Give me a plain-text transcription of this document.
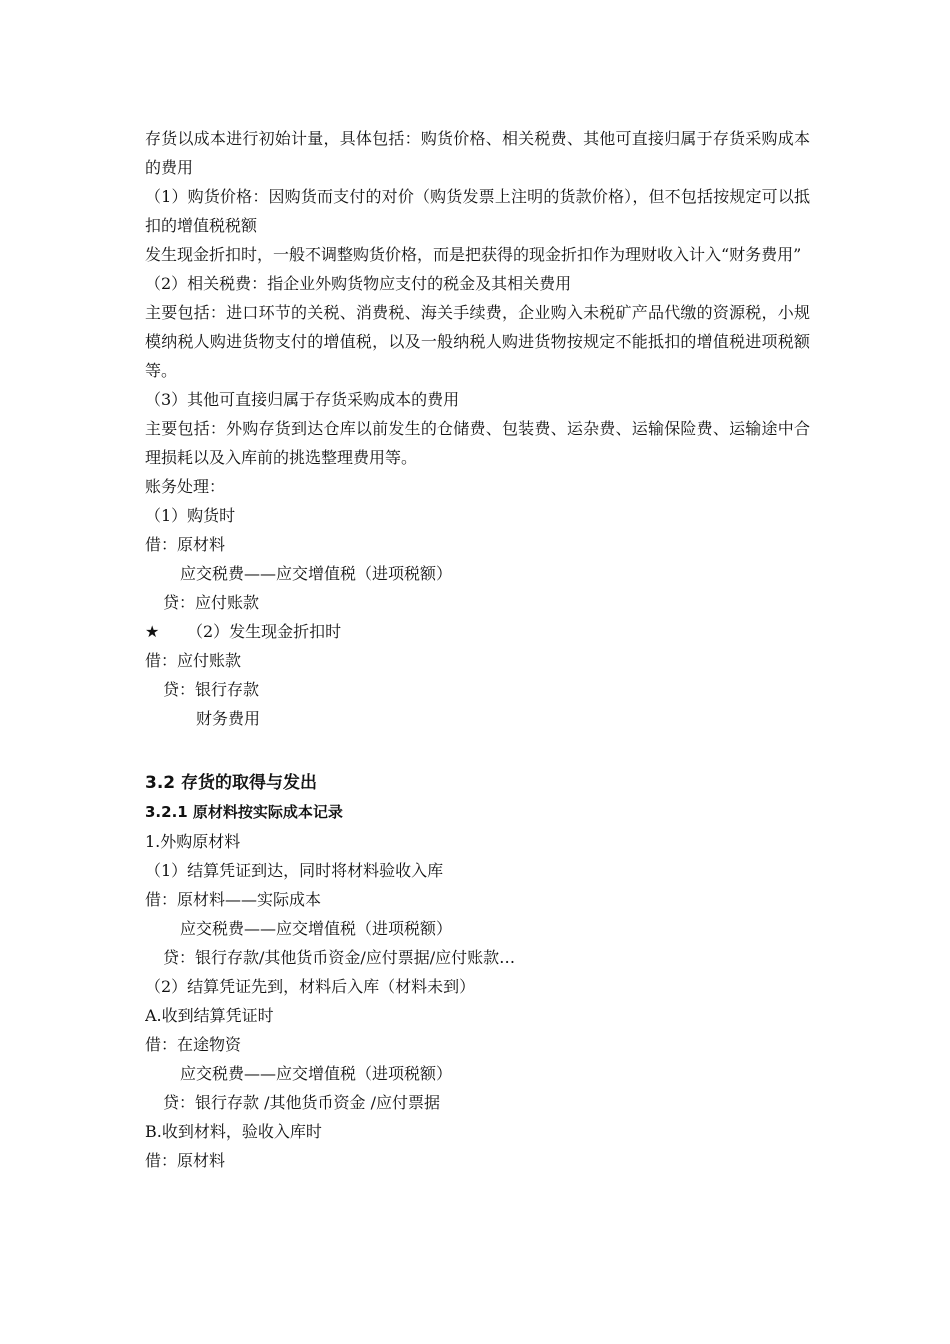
存货以成本进行初始计量，具体包括：购货价格、相关税费、其他可直接归属于存货采购成本的费用
（1）购货价格：因购货而支付的对价（购货发票上注明的货款价格），但不包括按规定可以抵扣的增值税税额
发生现金折扣时，一般不调整购货价格，而是把获得的现金折扣作为理财收入计入“财务费用”
（2）相关税费：指企业外购货物应支付的税金及其相关费用
主要包括：进口环节的关税、消费税、海关手续费，企业购入未税矿产品代缴的资源税，小规模纳税人购进货物支付的增值税，以及一般纳税人购进货物按规定不能抵扣的增值税进项税额等。
（3）其他可直接归属于存货采购成本的费用
主要包括：外购存货到达仓库以前发生的仓储费、包装费、运杂费、运输保险费、运输途中合理损耗以及入库前的挑选整理费用等。
账务处理：
（1）购货时
借：原材料
应交税费——应交增值税（进项税额）
贷：应付账款
★	（2）发生现金折扣时
借：应付账款
贷：银行存款
财务费用
3.2 存货的取得与发出
3.2.1 原材料按实际成本记录
1.外购原材料
（1）结算凭证到达，同时将材料验收入库
借：原材料——实际成本
应交税费——应交增值税（进项税额）
贷：银行存款/其他货币资金/应付票据/应付账款…
（2）结算凭证先到，材料后入库（材料未到）
A.收到结算凭证时
借：在途物资
应交税费——应交增值税（进项税额）
贷：银行存款 /其他货币资金 /应付票据
B.收到材料，验收入库时
借：原材料
